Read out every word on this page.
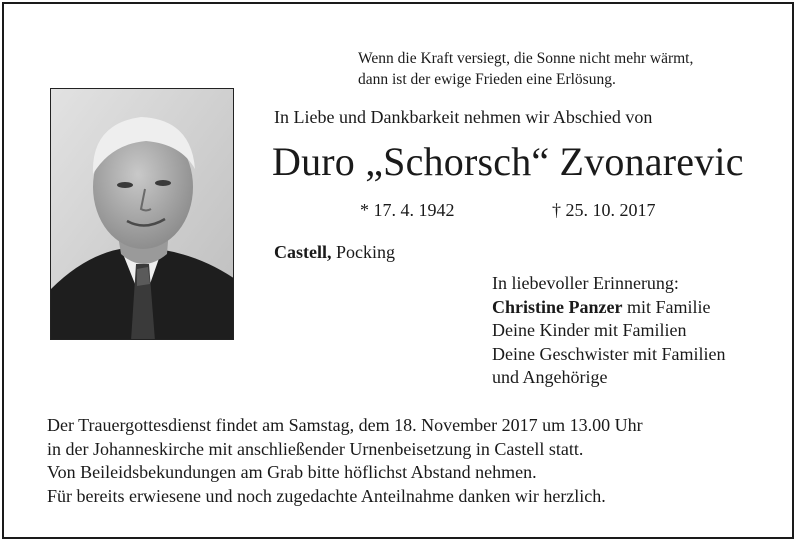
Wenn die Kraft versiegt, die Sonne nicht mehr wärmt,
dann ist der ewige Frieden eine Erlösung.
In Liebe und Dankbarkeit nehmen wir Abschied von
Duro „Schorsch“ Zvonarevic
* 17. 4. 1942	† 25. 10. 2017
Castell, Pocking
In liebevoller Erinnerung:
Christine Panzer mit Familie
Deine Kinder mit Familien
Deine Geschwister mit Familien
und Angehörige
Der Trauergottesdienst findet am Samstag, dem 18. November 2017 um 13.00 Uhr
in der Johanneskirche mit anschließender Urnenbeisetzung in Castell statt.
Von Beileidsbekundungen am Grab bitte höflichst Abstand nehmen.
Für bereits erwiesene und noch zugedachte Anteilnahme danken wir herzlich.
